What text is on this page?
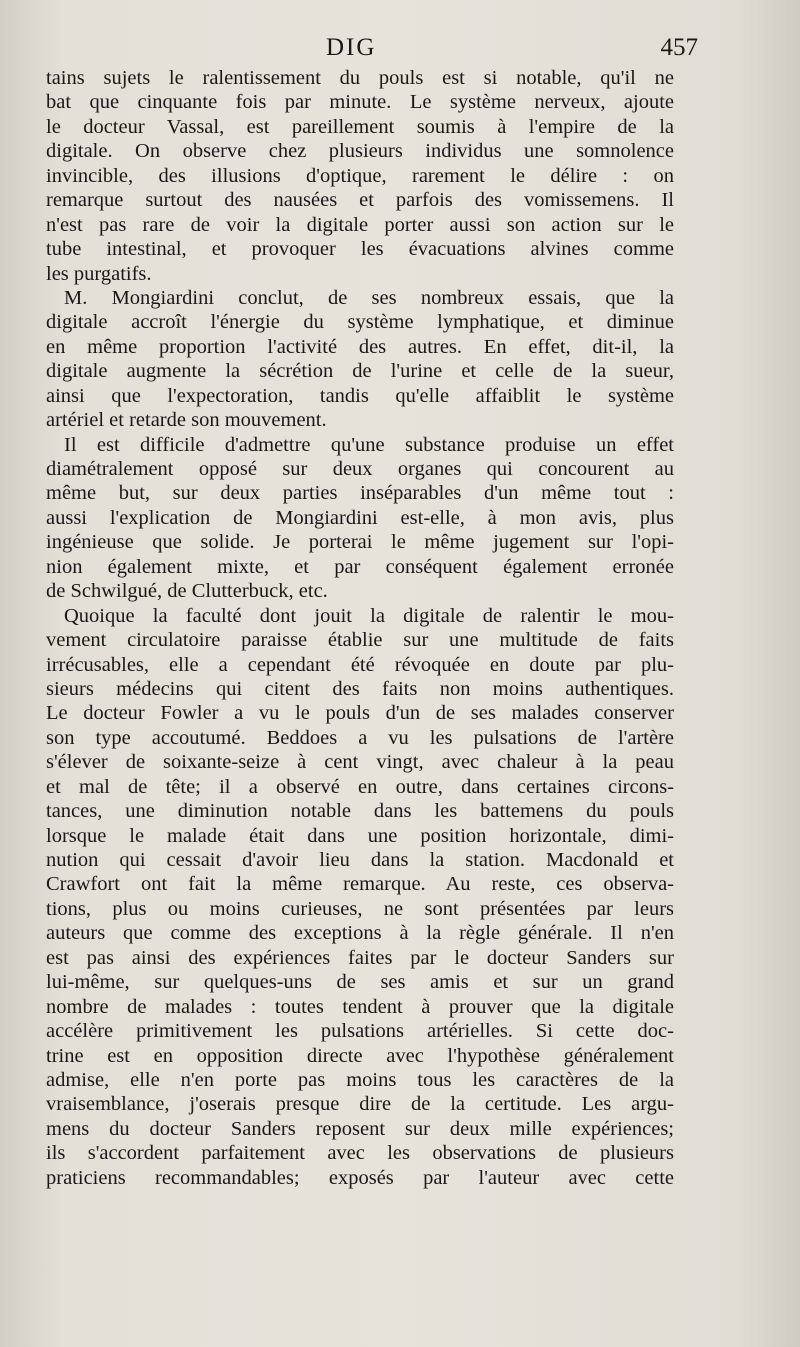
DIG	457
tains sujets le ralentissement du pouls est si notable, qu'il ne
bat que cinquante fois par minute. Le système nerveux, ajoute
le docteur Vassal, est pareillement soumis à l'empire de la
digitale. On observe chez plusieurs individus une somnolence
invincible, des illusions d'optique, rarement le délire : on
remarque surtout des nausées et parfois des vomissemens. Il
n'est pas rare de voir la digitale porter aussi son action sur le
tube intestinal, et provoquer les évacuations alvines comme
les purgatifs.
M. Mongiardini conclut, de ses nombreux essais, que la
digitale accroît l'énergie du système lymphatique, et diminue
en même proportion l'activité des autres. En effet, dit-il, la
digitale augmente la sécrétion de l'urine et celle de la sueur,
ainsi que l'expectoration, tandis qu'elle affaiblit le système
artériel et retarde son mouvement.
Il est difficile d'admettre qu'une substance produise un effet
diamétralement opposé sur deux organes qui concourent au
même but, sur deux parties inséparables d'un même tout :
aussi l'explication de Mongiardini est-elle, à mon avis, plus
ingénieuse que solide. Je porterai le même jugement sur l'opi-
nion également mixte, et par conséquent également erronée
de Schwilgué, de Clutterbuck, etc.
Quoique la faculté dont jouit la digitale de ralentir le mou-
vement circulatoire paraisse établie sur une multitude de faits
irrécusables, elle a cependant été révoquée en doute par plu-
sieurs médecins qui citent des faits non moins authentiques.
Le docteur Fowler a vu le pouls d'un de ses malades conserver
son type accoutumé. Beddoes a vu les pulsations de l'artère
s'élever de soixante-seize à cent vingt, avec chaleur à la peau
et mal de tête; il a observé en outre, dans certaines circons-
tances, une diminution notable dans les battemens du pouls
lorsque le malade était dans une position horizontale, dimi-
nution qui cessait d'avoir lieu dans la station. Macdonald et
Crawfort ont fait la même remarque. Au reste, ces observa-
tions, plus ou moins curieuses, ne sont présentées par leurs
auteurs que comme des exceptions à la règle générale. Il n'en
est pas ainsi des expériences faites par le docteur Sanders sur
lui-même, sur quelques-uns de ses amis et sur un grand
nombre de malades : toutes tendent à prouver que la digitale
accélère primitivement les pulsations artérielles. Si cette doc-
trine est en opposition directe avec l'hypothèse généralement
admise, elle n'en porte pas moins tous les caractères de la
vraisemblance, j'oserais presque dire de la certitude. Les argu-
mens du docteur Sanders reposent sur deux mille expériences;
ils s'accordent parfaitement avec les observations de plusieurs
praticiens recommandables; exposés par l'auteur avec cette
